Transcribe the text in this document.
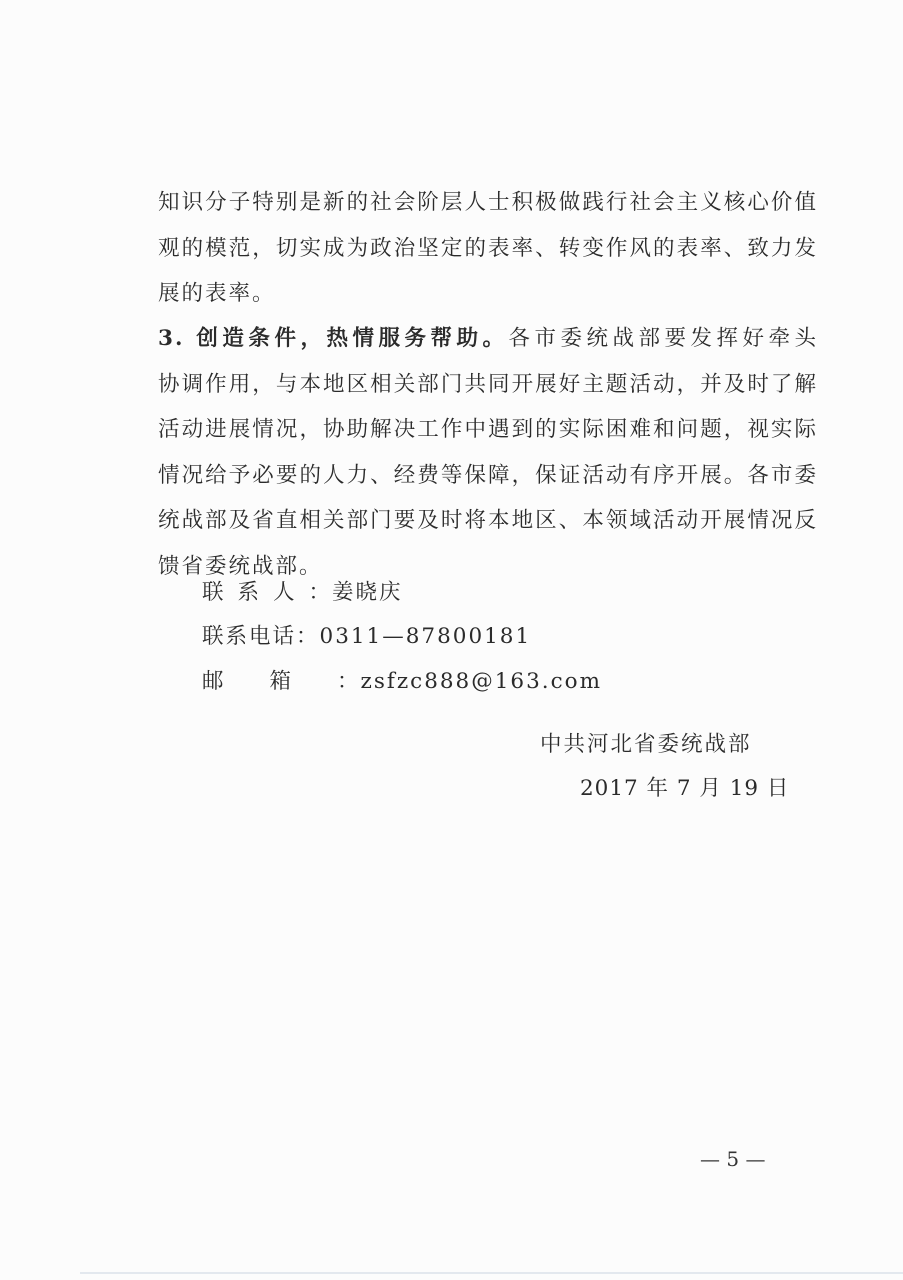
知识分子特别是新的社会阶层人士积极做践行社会主义核心价值
观的模范，切实成为政治坚定的表率、转变作风的表率、致力发
展的表率。
3. 创造条件，热情服务帮助。各市委统战部要发挥好牵头
协调作用，与本地区相关部门共同开展好主题活动，并及时了解
活动进展情况，协助解决工作中遇到的实际困难和问题，视实际
情况给予必要的人力、经费等保障，保证活动有序开展。各市委
统战部及省直相关部门要及时将本地区、本领域活动开展情况反
馈省委统战部。
联系人：姜晓庆
联系电话：0311—87800181
邮箱：zsfzc888@163.com
中共河北省委统战部
2017 年 7 月 19 日
— 5 —
